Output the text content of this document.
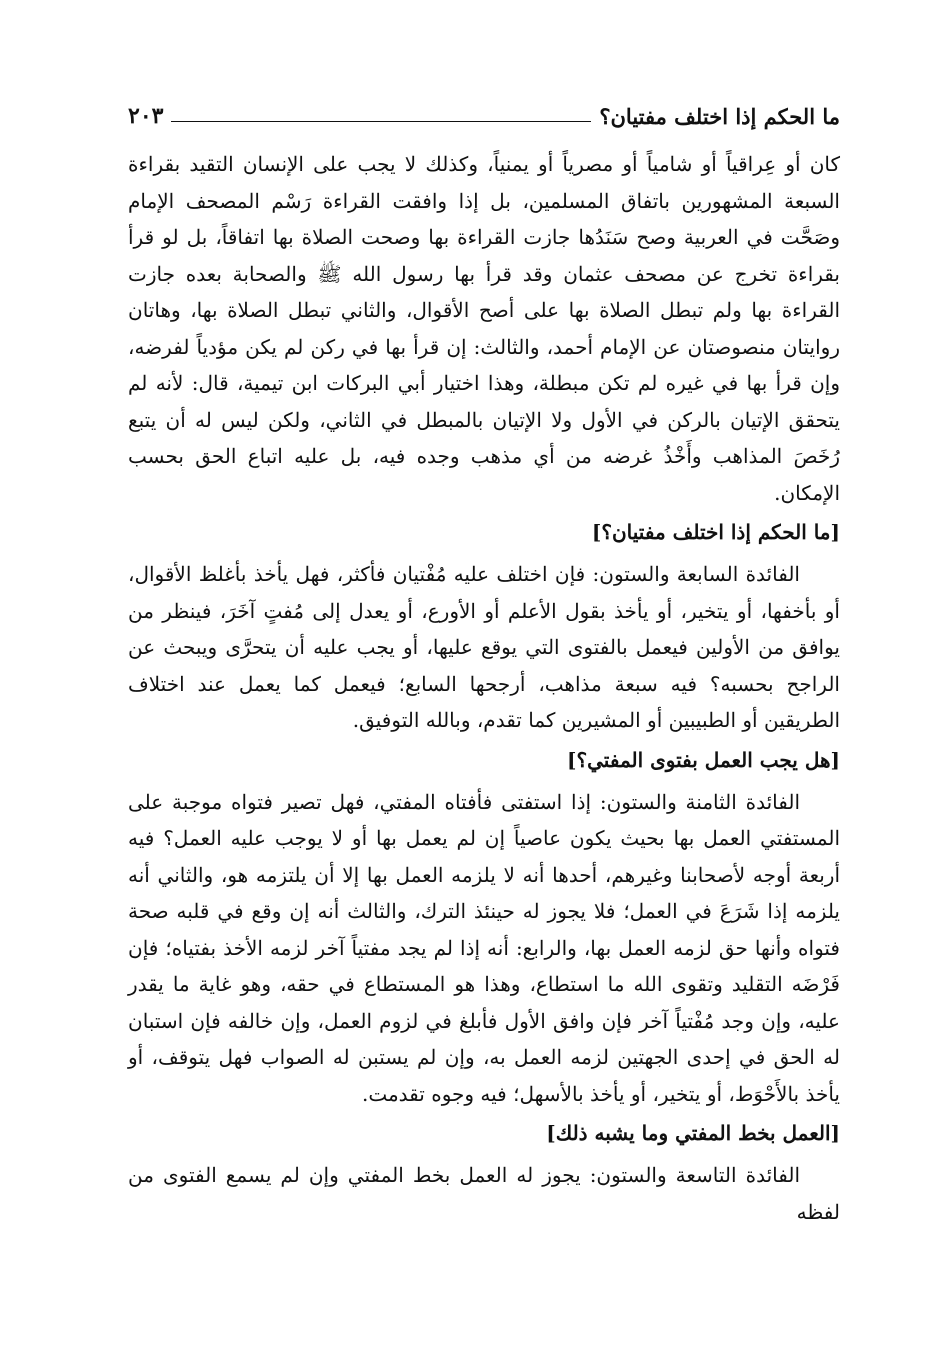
ما الحكم إذا اختلف مفتيان؟
٢٠٣

كان أو عِراقياً أو شامياً أو مصرياً أو يمنياً، وكذلك لا يجب على الإنسان التقيد بقراءة السبعة المشهورين باتفاق المسلمين، بل إذا وافقت القراءة رَسْم المصحف الإمام وصَحَّت في العربية وصح سَنَدُها جازت القراءة بها وصحت الصلاة بها اتفاقاً، بل لو قرأ بقراءة تخرج عن مصحف عثمان وقد قرأ بها رسول الله ﷺ والصحابة بعده جازت القراءة بها ولم تبطل الصلاة بها على أصح الأقوال، والثاني تبطل الصلاة بها، وهاتان روايتان منصوصتان عن الإمام أحمد، والثالث: إن قرأ بها في ركن لم يكن مؤدياً لفرضه، وإن قرأ بها في غيره لم تكن مبطلة، وهذا اختيار أبي البركات ابن تيمية، قال: لأنه لم يتحقق الإتيان بالركن في الأول ولا الإتيان بالمبطل في الثاني، ولكن ليس له أن يتبع رُخَصَ المذاهب وأَخْذُ غرضه من أي مذهب وجده فيه، بل عليه اتباع الحق بحسب الإمكان.

[ما الحكم إذا اختلف مفتيان؟]

الفائدة السابعة والستون: فإن اختلف عليه مُفْتيان فأكثر، فهل يأخذ بأغلظ الأقوال، أو بأخفها، أو يتخير، أو يأخذ بقول الأعلم أو الأورع، أو يعدل إلى مُفتٍ آخَرَ، فينظر من يوافق من الأولين فيعمل بالفتوى التي يوقع عليها، أو يجب عليه أن يتحرَّى ويبحث عن الراجح بحسبه؟ فيه سبعة مذاهب، أرجحها السابع؛ فيعمل كما يعمل عند اختلاف الطريقين أو الطبيبين أو المشيرين كما تقدم، وبالله التوفيق.

[هل يجب العمل بفتوى المفتي؟]

الفائدة الثامنة والستون: إذا استفتى فأفتاه المفتي، فهل تصير فتواه موجبة على المستفتي العمل بها بحيث يكون عاصياً إن لم يعمل بها أو لا يوجب عليه العمل؟ فيه أربعة أوجه لأصحابنا وغيرهم، أحدها أنه لا يلزمه العمل بها إلا أن يلتزمه هو، والثاني أنه يلزمه إذا شَرَعَ في العمل؛ فلا يجوز له حينئذ الترك، والثالث أنه إن وقع في قلبه صحة فتواه وأنها حق لزمه العمل بها، والرابع: أنه إذا لم يجد مفتياً آخر لزمه الأخذ بفتياه؛ فإن فَرْضَه التقليد وتقوى الله ما استطاع، وهذا هو المستطاع في حقه، وهو غاية ما يقدر عليه، وإن وجد مُفْتياً آخر فإن وافق الأول فأبلغ في لزوم العمل، وإن خالفه فإن استبان له الحق في إحدى الجهتين لزمه العمل به، وإن لم يستبن له الصواب فهل يتوقف، أو يأخذ بالأَحْوَط، أو يتخير، أو يأخذ بالأسهل؛ فيه وجوه تقدمت.

[العمل بخط المفتي وما يشبه ذلك]

الفائدة التاسعة والستون: يجوز له العمل بخط المفتي وإن لم يسمع الفتوى من لفظه
